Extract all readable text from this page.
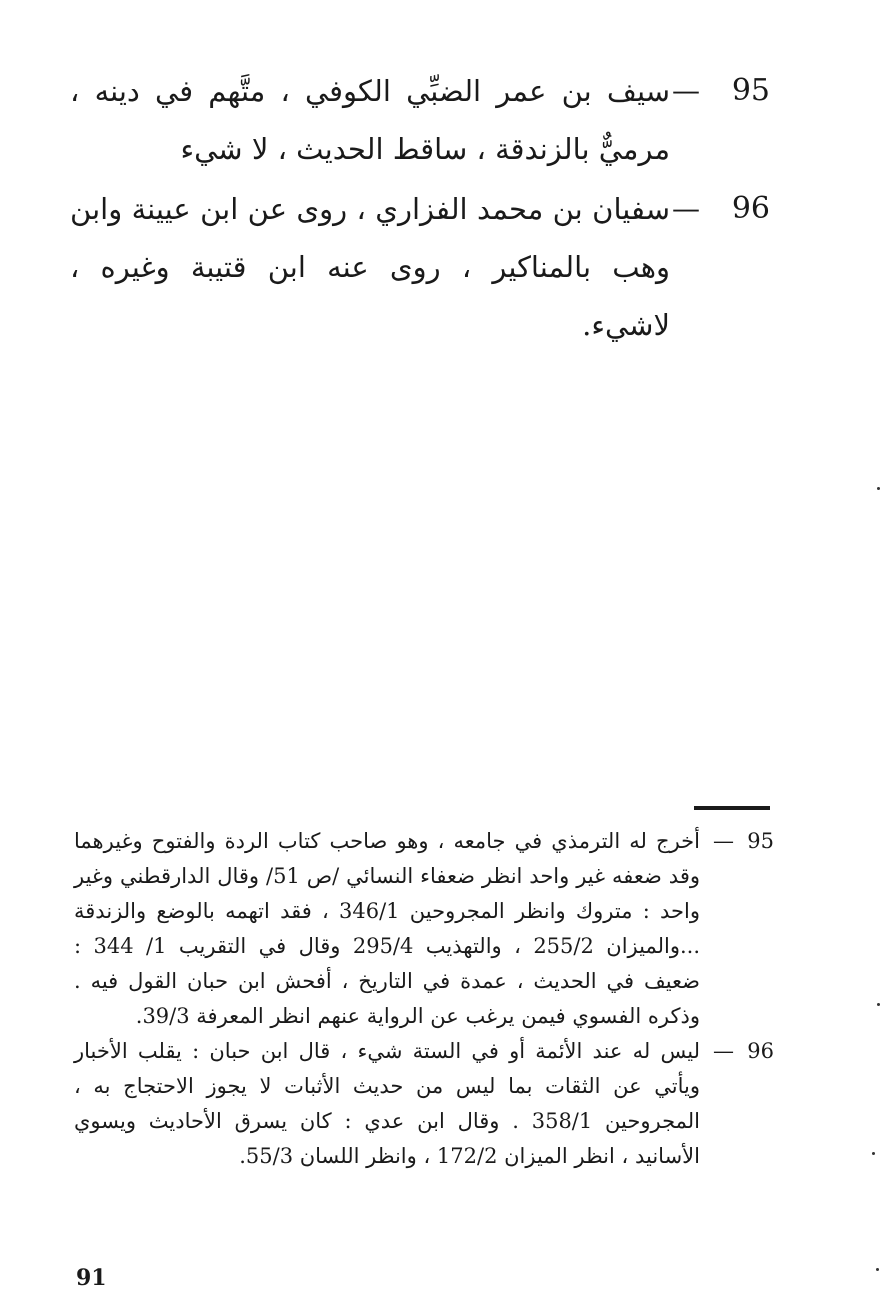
95
—
سيف بن عمر الضبِّي الكوفي ، متَّهم في دينه ، مرميٌّ بالزندقة ، ساقط الحديث ، لا شيء
96
—
سفيان بن محمد الفزاري ، روى عن ابن عيينة وابن وهب بالمناكير ، روى عنه ابن قتيبة وغيره ، لاشيء.
95
—
أخرج له الترمذي في جامعه ، وهو صاحب كتاب الردة والفتوح وغيرهما وقد ضعفه غير واحد انظر ضعفاء النسائي /ص 51/ وقال الدارقطني وغير واحد : متروك وانظر المجروحين 346/1 ، فقد اتهمه بالوضع والزندقة ...والميزان 255/2 ، والتهذيب 295/4 وقال في التقريب 1/ 344 : ضعيف في الحديث ، عمدة في التاريخ ، أفحش ابن حبان القول فيه . وذكره الفسوي فيمن يرغب عن الرواية عنهم انظر المعرفة 39/3.
96
—
ليس له عند الأئمة أو في الستة شيء ، قال ابن حبان : يقلب الأخبار ويأتي عن الثقات بما ليس من حديث الأثبات لا يجوز الاحتجاج به ، المجروحين 358/1 . وقال ابن عدي : كان يسرق الأحاديث ويسوي الأسانيد ، انظر الميزان 172/2 ، وانظر اللسان 55/3.
91
